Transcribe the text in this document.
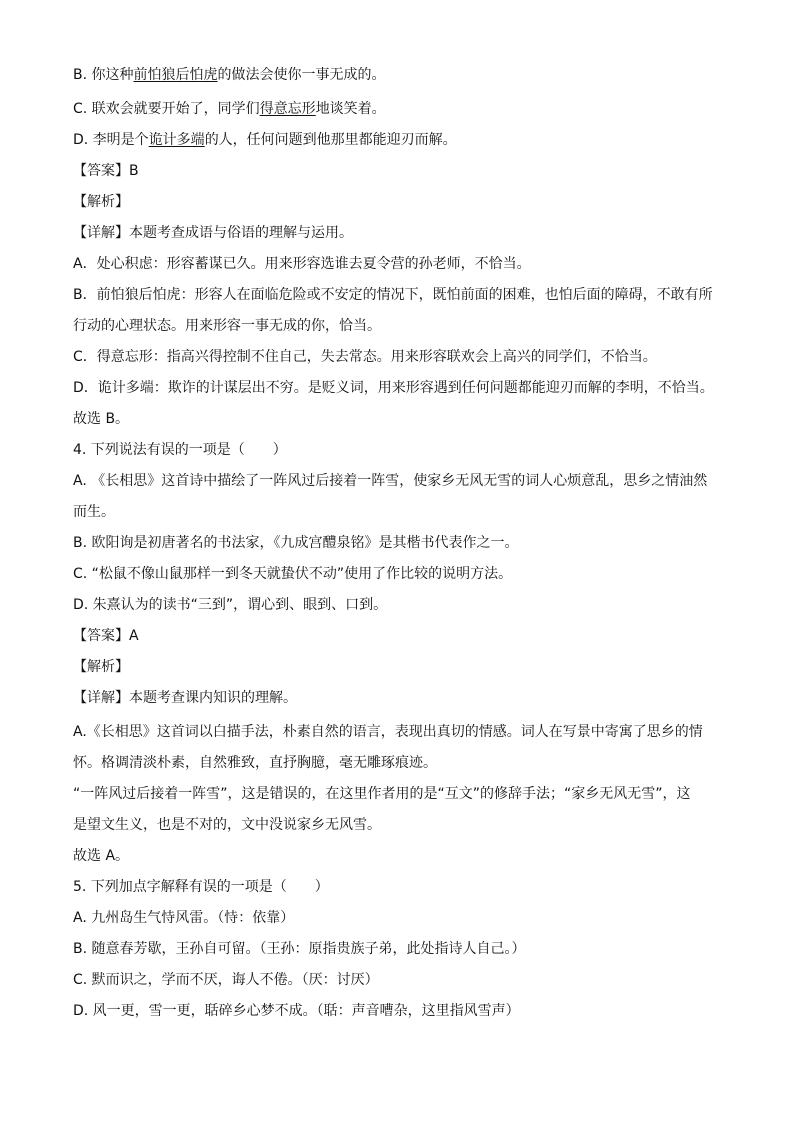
B. 你这种前怕狼后怕虎的做法会使你一事无成的。
C. 联欢会就要开始了，同学们得意忘形地谈笑着。
D. 李明是个诡计多端的人，任何问题到他那里都能迎刃而解。
【答案】B
【解析】
【详解】本题考查成语与俗语的理解与运用。
A．处心积虑：形容蓄谋已久。用来形容选谁去夏令营的孙老师，不恰当。
B．前怕狼后怕虎：形容人在面临危险或不安定的情况下，既怕前面的困难，也怕后面的障碍，不敢有所
行动的心理状态。用来形容一事无成的你，恰当。
C．得意忘形：指高兴得控制不住自己，失去常态。用来形容联欢会上高兴的同学们，不恰当。
D．诡计多端：欺诈的计谋层出不穷。是贬义词，用来形容遇到任何问题都能迎刃而解的李明，不恰当。
故选 B。
4. 下列说法有误的一项是（　　）
A. 《长相思》这首诗中描绘了一阵风过后接着一阵雪，使家乡无风无雪的词人心烦意乱，思乡之情油然
而生。
B. 欧阳询是初唐著名的书法家，《九成宫醴泉铭》是其楷书代表作之一。
C. “松鼠不像山鼠那样一到冬天就蛰伏不动”使用了作比较的说明方法。
D. 朱熹认为的读书“三到”，谓心到、眼到、口到。
【答案】A
【解析】
【详解】本题考查课内知识的理解。
A.《长相思》这首词以白描手法，朴素自然的语言，表现出真切的情感。词人在写景中寄寓了思乡的情
怀。格调清淡朴素，自然雅致，直抒胸臆，毫无雕琢痕迹。
“一阵风过后接着一阵雪”，这是错误的，在这里作者用的是“互文”的修辞手法；“家乡无风无雪”，这
是望文生义，也是不对的，文中没说家乡无风雪。
故选 A。
5. 下列加点字解释有误的一项是（　　）
A. 九州岛生气恃风雷。（恃：依靠）
B. 随意春芳歇，王孙自可留。（王孙：原指贵族子弟，此处指诗人自己。）
C. 默而识之，学而不厌，诲人不倦。（厌：讨厌）
D. 风一更，雪一更，聒碎乡心梦不成。（聒：声音嘈杂，这里指风雪声）
